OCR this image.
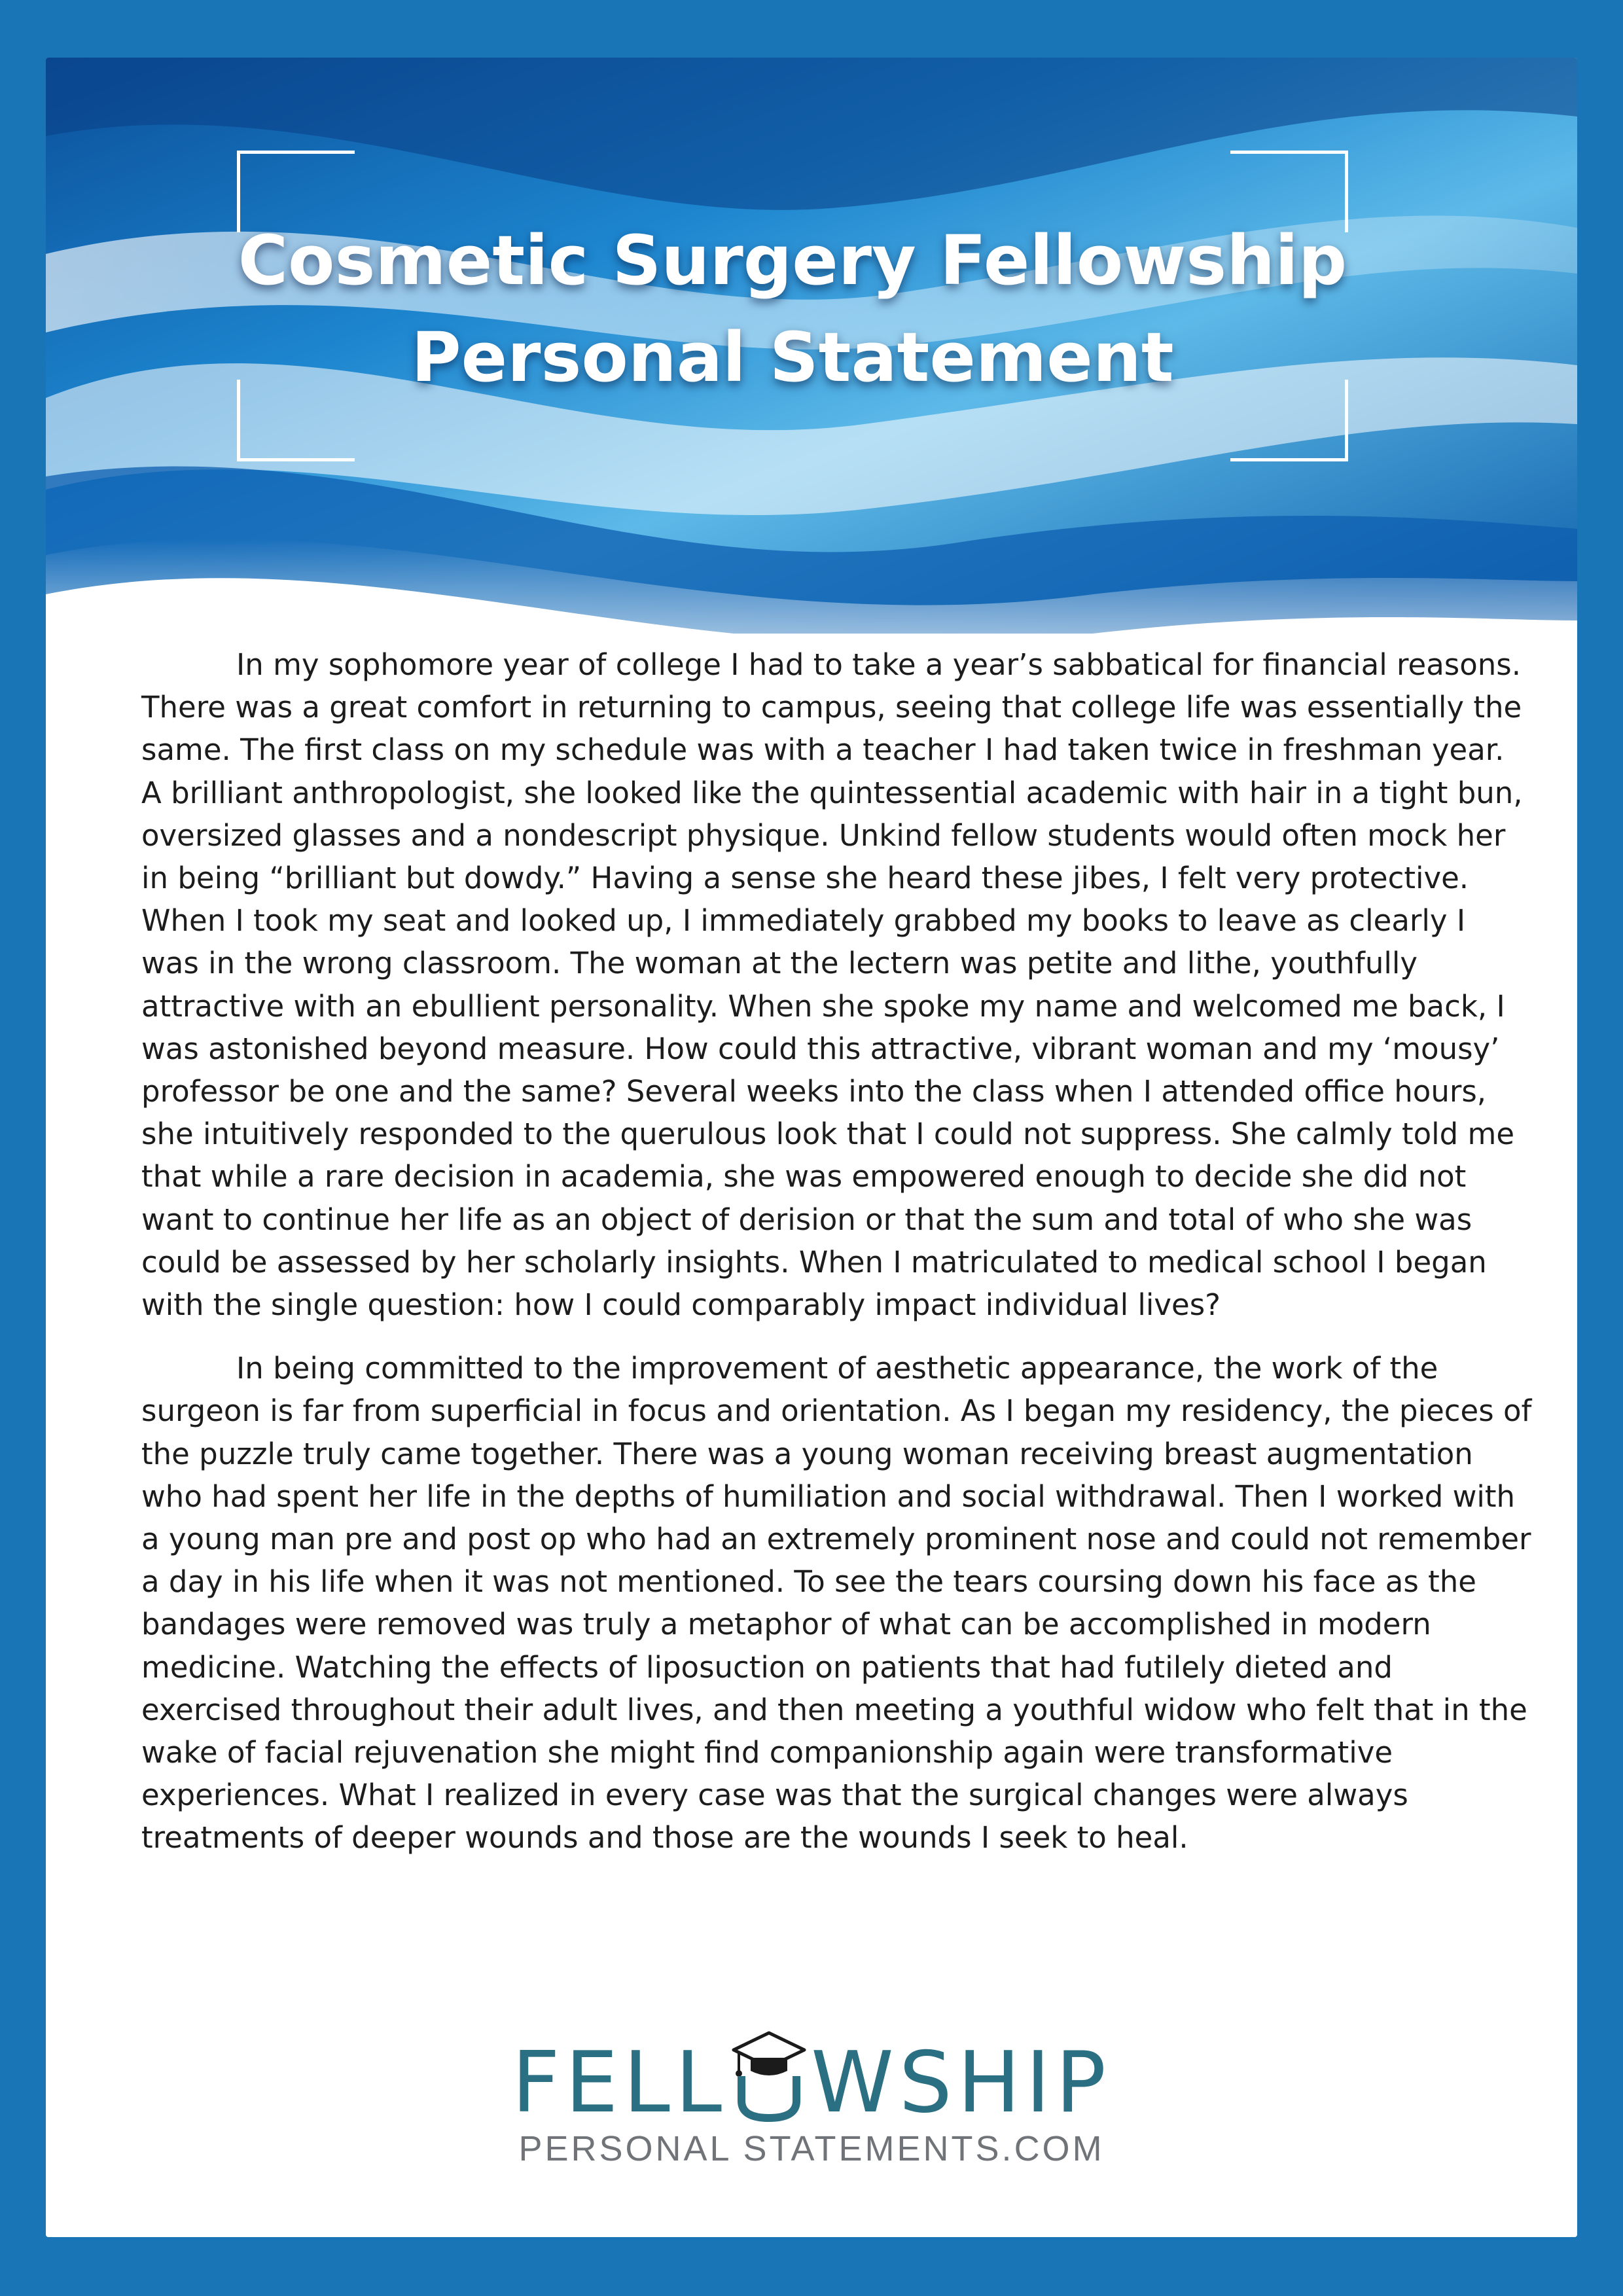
Cosmetic Surgery Fellowship
Personal Statement

In my sophomore year of college I had to take a year’s sabbatical for financial reasons. There was a great comfort in returning to campus, seeing that college life was essentially the same. The first class on my schedule was with a teacher I had taken twice in freshman year. A brilliant anthropologist, she looked like the quintessential academic with hair in a tight bun, oversized glasses and a nondescript physique. Unkind fellow students would often mock her in being “brilliant but dowdy.” Having a sense she heard these jibes, I felt very protective. When I took my seat and looked up, I immediately grabbed my books to leave as clearly I was in the wrong classroom. The woman at the lectern was petite and lithe, youthfully attractive with an ebullient personality. When she spoke my name and welcomed me back, I was astonished beyond measure. How could this attractive, vibrant woman and my ‘mousy’ professor be one and the same? Several weeks into the class when I attended office hours, she intuitively responded to the querulous look that I could not suppress. She calmly told me that while a rare decision in academia, she was empowered enough to decide she did not want to continue her life as an object of derision or that the sum and total of who she was could be assessed by her scholarly insights. When I matriculated to medical school I began with the single question: how I could comparably impact individual lives?

In being committed to the improvement of aesthetic appearance, the work of the surgeon is far from superficial in focus and orientation. As I began my residency, the pieces of the puzzle truly came together. There was a young woman receiving breast augmentation who had spent her life in the depths of humiliation and social withdrawal. Then I worked with a young man pre and post op who had an extremely prominent nose and could not remember a day in his life when it was not mentioned. To see the tears coursing down his face as the bandages were removed was truly a metaphor of what can be accomplished in modern medicine. Watching the effects of liposuction on patients that had futilely dieted and exercised throughout their adult lives, and then meeting a youthful widow who felt that in the wake of facial rejuvenation she might find companionship again were transformative experiences. What I realized in every case was that the surgical changes were always treatments of deeper wounds and those are the wounds I seek to heal.

FELL WSHIP
PERSONAL STATEMENTS.COM
